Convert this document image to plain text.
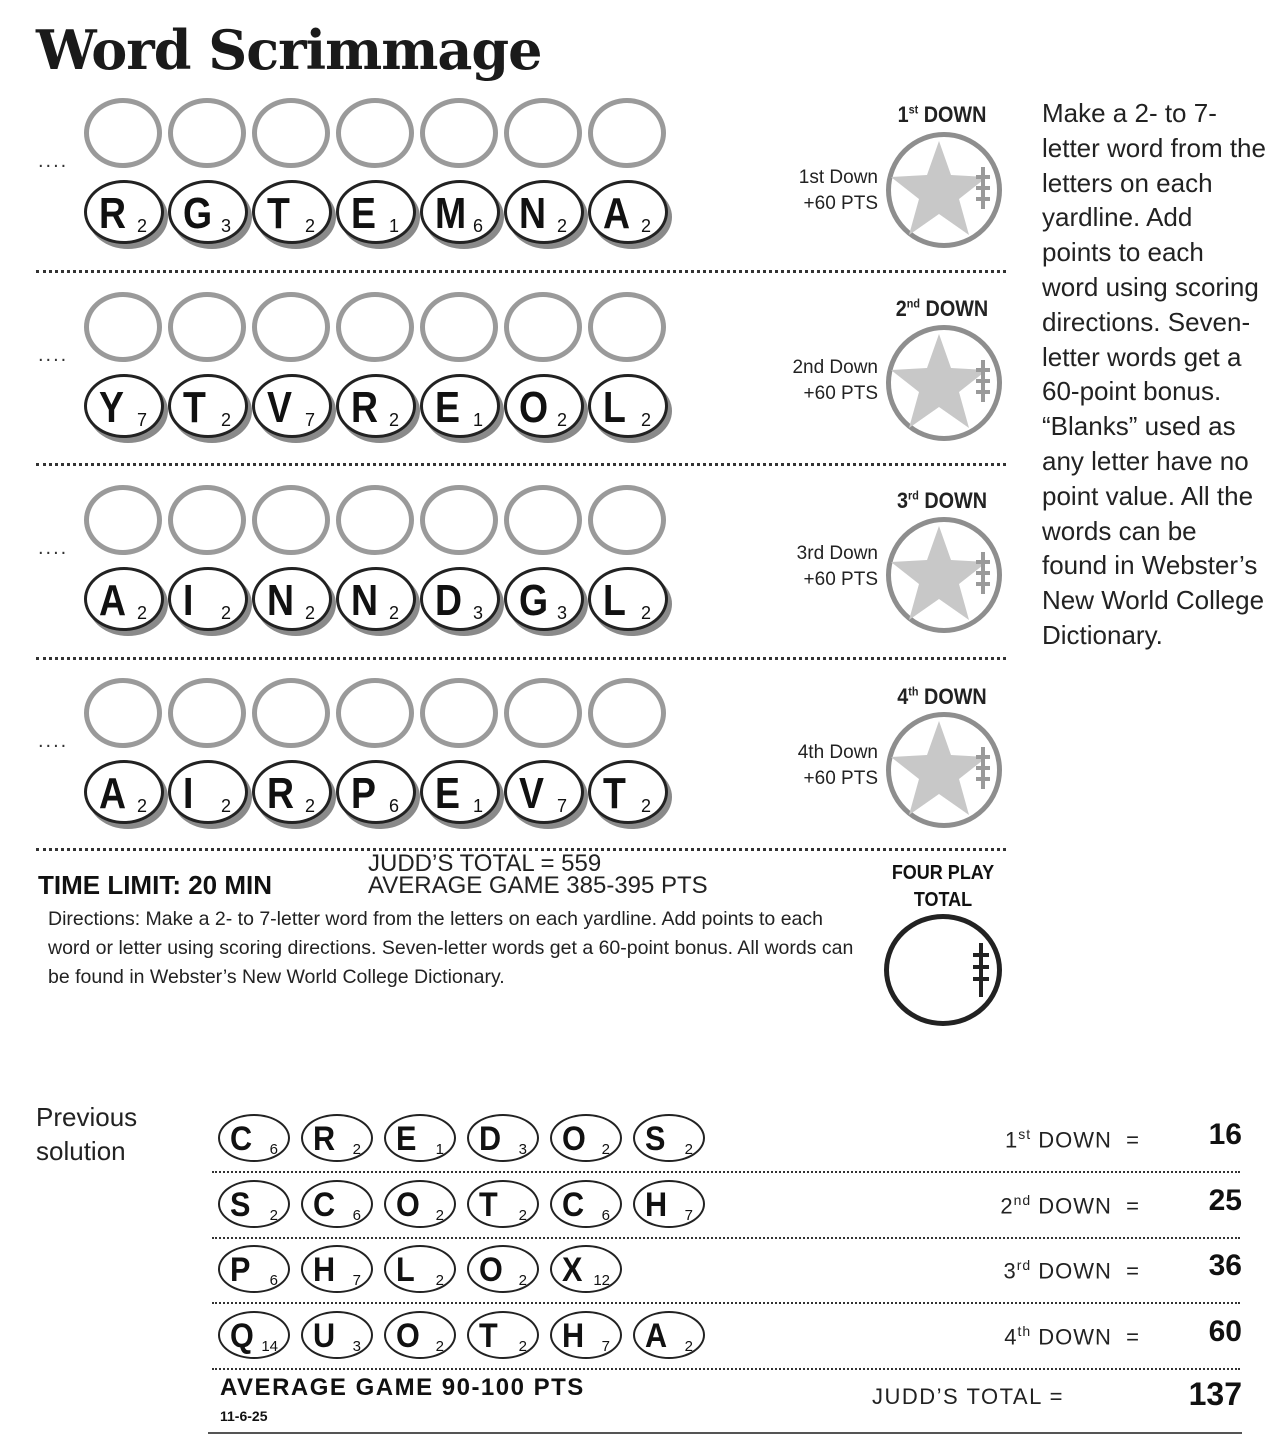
Word Scrimmage
....
R 2 G 3 T 2 E 1 M 6 N 2 A 2
....
Y 7 T 2 V 7 R 2 E 1 O 2 L 2
....
A 2 I 2 N 2 N 2 D 3 G 3 L 2
....
A 2 I 2 R 2 P 6 E 1 V 7 T 2
Make a 2- to 7-letter word from the letters on each yardline. Add points to each word using scoring directions. Seven-letter words get a 60-point bonus. “Blanks” used as any letter have no point value. All the words can be found in Webster’s New World College Dictionary.
TIME LIMIT: 20 MIN
JUDD’S TOTAL = 559
AVERAGE GAME 385-395 PTS
Directions: Make a 2- to 7-letter word from the letters on each yardline. Add points to each word or letter using scoring directions. Seven-letter words get a 60-point bonus. All words can be found in Webster’s New World College Dictionary.
FOUR PLAY
TOTAL
Previous
solution	C 6 R 2 E 1 D 3 O 2 S 2	1st DOWN  = 16
S 2 C 6 O 2 T 2 C 6 H 7	2nd DOWN  = 25
P 6 H 7 L 2 O 2 X 12	3rd DOWN  = 36
Q 14 U 3 O 2 T 2 H 7 A 2	4th DOWN  = 60
AVERAGE GAME 90-100 PTS
11-6-25
JUDD’S TOTAL =	137
1st DOWN
1st Down
+60 PTS
2nd DOWN
2nd Down
+60 PTS
3rd DOWN
3rd Down
+60 PTS
4th DOWN
4th Down
+60 PTS
